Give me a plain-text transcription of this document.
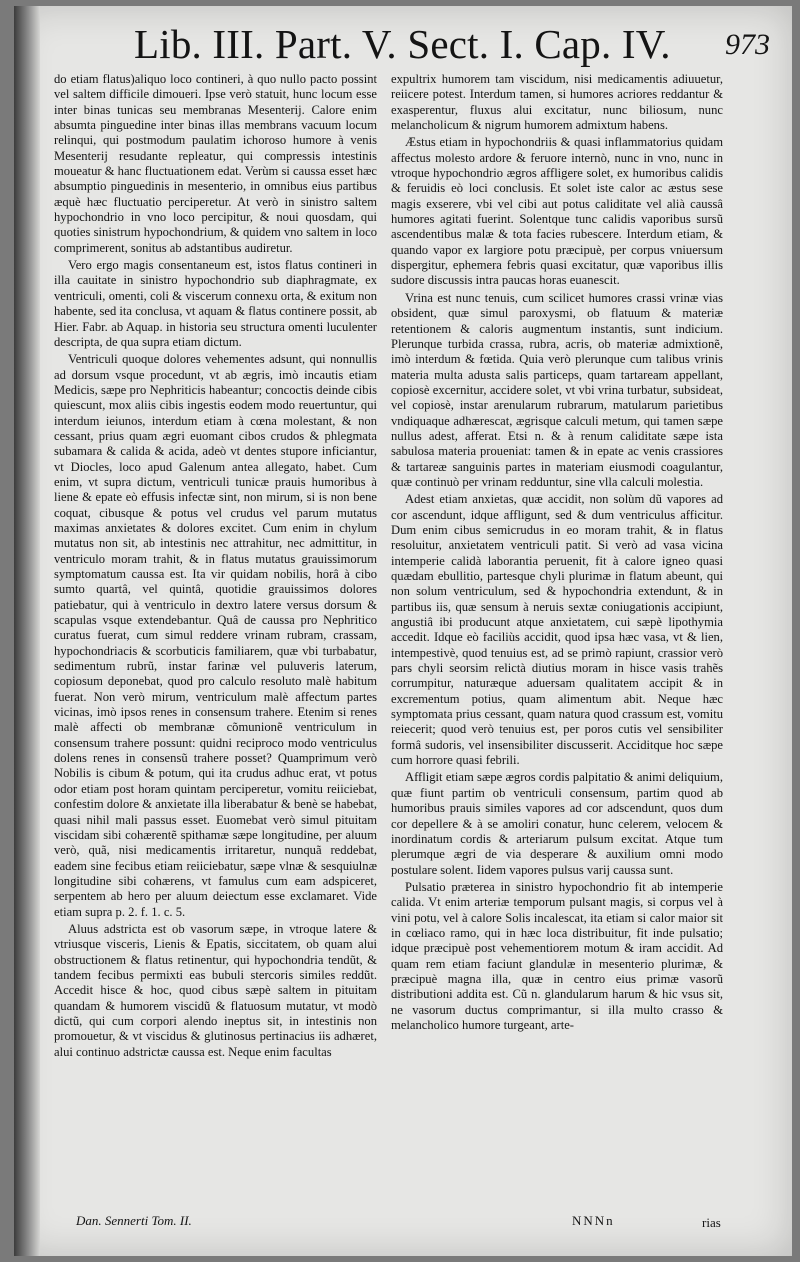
Lib. III. Part. V. Sect. I. Cap. IV. 973

do etiam flatus)aliquo loco contineri, à quo nullo pacto possint vel saltem difficile dimoueri. Ipse verò statuit, hunc locum esse inter binas tunicas seu membranas Mesenterij. Calore enim absumta pinguedine inter binas illas membrans vacuum locum relinqui, qui postmodum paulatim ichoroso humore à venis Mesenterij resudante repleatur, qui compressis intestinis moueatur & hanc fluctuationem edat. Verùm si caussa esset hæc absumptio pinguedinis in mesenterio, in omnibus eius partibus æquè hæc fluctuatio perciperetur. At verò in sinistro saltem hypochondrio in vno loco percipitur, & noui quosdam, qui quoties sinistrum hypochondrium, & quidem vno saltem in loco comprimerent, sonitus ab adstantibus audiretur.

Vero ergo magis consentaneum est, istos flatus contineri in illa cauitate in sinistro hypochondrio sub diaphragmate, ex ventriculi, omenti, coli & viscerum connexu orta, & exitum non habente, sed ita conclusa, vt aquam & flatus continere possit, ab Hier. Fabr. ab Aquap. in historia seu structura omenti luculenter descripta, de qua supra etiam dictum.

Ventriculi quoque dolores vehementes adsunt, qui nonnullis ad dorsum vsque procedunt, vt ab ægris, imò incautis etiam Medicis, sæpe pro Nephriticis habeantur; concoctis deinde cibis quiescunt, mox aliis cibis ingestis eodem modo reuertuntur, qui interdum ieiunos, interdum etiam à cœna molestant, & non cessant, prius quam ægri euomant cibos crudos & phlegmata subamara & calida & acida, adeò vt dentes stupore inficiantur, vt Diocles, loco apud Galenum antea allegato, habet. Cum enim, vt supra dictum, ventriculi tunicæ prauis humoribus à liene & epate eò effusis infectæ sint, non mirum, si is non bene coquat, cibusque & potus vel crudus vel parum mutatus maximas anxietates & dolores excitet. Cum enim in chylum mutatus non sit, ab intestinis nec attrahitur, nec admittitur, in ventriculo moram trahit, & in flatus mutatus grauissimorum symptomatum caussa est. Ita vir quidam nobilis, horâ à cibo sumto quartâ, vel quintâ, quotidie grauissimos dolores patiebatur, qui à ventriculo in dextro latere versus dorsum & scapulas vsque extendebantur. Quâ de caussa pro Nephritico curatus fuerat, cum simul reddere vrinam rubram, crassam, hypochondriacis & scorbuticis familiarem, quæ vbi turbabatur, sedimentum rubrũ, instar farinæ vel puluveris laterum, copiosum deponebat, quod pro calculo resoluto malè habitum fuerat. Non verò mirum, ventriculum malè affectum partes vicinas, imò ipsos renes in consensum trahere. Etenim si renes malè affecti ob membranæ cõmunionẽ ventriculum in consensum trahere possunt: quidni reciproco modo ventriculus dolens renes in consensũ trahere posset? Quamprimum verò Nobilis is cibum & potum, qui ita crudus adhuc erat, vt potus odor etiam post horam quintam perciperetur, vomitu reiiciebat, confestim dolore & anxietate illa liberabatur & benè se habebat, quasi nihil mali passus esset. Euomebat verò simul pituitam viscidam sibi cohærentẽ spithamæ sæpe longitudine, per aluum verò, quã, nisi medicamentis irritaretur, nunquã reddebat, eadem sine fecibus etiam reiiciebatur, sæpe vlnæ & sesquiulnæ longitudine sibi cohærens, vt famulus cum eam adspiceret, serpentem ab hero per aluum deiectum esse exclamaret. Vide etiam supra p. 2. f. 1. c. 5.

Aluus adstricta est ob vasorum sæpe, in vtroque latere & vtriusque visceris, Lienis & Epatis, siccitatem, ob quam alui obstructionem & flatus retinentur, qui hypochondria tendũt, & tandem fecibus permixti eas bubuli stercoris similes reddũt. Accedit hisce & hoc, quod cibus sæpè saltem in pituitam quandam & humorem viscidũ & flatuosum mutatur, vt modò dictũ, qui cum corpori alendo ineptus sit, in intestinis non promouetur, & vt viscidus & glutinosus pertinacius iis adhæret, alui continuo adstrictæ caussa est. Neque enim facultas

expultrix humorem tam viscidum, nisi medicamentis adiuuetur, reiicere potest. Interdum tamen, si humores acriores reddantur & exasperentur, fluxus alui excitatur, nunc biliosum, nunc melancholicum & nigrum humorem admixtum habens.

Æstus etiam in hypochondriis & quasi inflammatorius quidam affectus molesto ardore & feruore internò, nunc in vno, nunc in vtroque hypochondrio ægros affligere solet, ex humoribus calidis & feruidis eò loci conclusis. Et solet iste calor ac æstus sese magis exserere, vbi vel cibi aut potus caliditate vel alià caussâ humores agitati fuerint. Solentque tunc calidis vaporibus sursũ ascendentibus malæ & tota facies rubescere. Interdum etiam, & quando vapor ex largiore potu præcipuè, per corpus vniuersum dispergitur, ephemera febris quasi excitatur, quæ vaporibus illis sudore discussis intra paucas horas euanescit.

Vrina est nunc tenuis, cum scilicet humores crassi vrinæ vias obsident, quæ simul paroxysmi, ob flatuum & materiæ retentionem & caloris augmentum instantis, sunt indicium. Plerunque turbida crassa, rubra, acris, ob materiæ admixtionẽ, imò interdum & fœtida. Quia verò plerunque cum talibus vrinis materia multa adusta salis particeps, quam tartaream appellant, copiosè excernitur, accidere solet, vt vbi vrina turbatur, subsideat, vel copiosè, instar arenularum rubrarum, matularum parietibus vndiquaque adhærescat, ægrisque calculi metum, qui tamen sæpe nullus adest, afferat. Etsi n. & à renum caliditate sæpe ista sabulosa materia proueniat: tamen & in epate ac venis crassiores & tartareæ sanguinis partes in materiam eiusmodi coagulantur, quæ continuò per vrinam redduntur, sine vlla calculi molestia.

Adest etiam anxietas, quæ accidit, non solùm dũ vapores ad cor ascendunt, idque affligunt, sed & dum ventriculus afficitur. Dum enim cibus semicrudus in eo moram trahit, & in flatus resoluitur, anxietatem ventriculi patit. Si verò ad vasa vicina intemperie calidà laborantia peruenit, fit à calore igneo quasi quædam ebullitio, partesque chyli plurimæ in flatum abeunt, qui non solum ventriculum, sed & hypochondria extendunt, & in partibus iis, quæ sensum à neruis sextæ coniugationis accipiunt, angustiâ ibi producunt atque anxietatem, cui sæpè lipothymia accedit. Idque eò faciliùs accidit, quod ipsa hæc vasa, vt & lien, intempestivè, quod tenuius est, ad se primò rapiunt, crassior verò pars chyli seorsim relictà diutius moram in hisce vasis trahẽs corrumpitur, naturæque aduersam qualitatem accipit & in excrementum potius, quam alimentum abit. Neque hæc symptomata prius cessant, quam natura quod crassum est, vomitu reiecerit; quod verò tenuius est, per poros cutis vel sensibiliter formâ sudoris, vel insensibiliter discusserit. Acciditque hoc sæpe cum horrore quasi febrili.

Affligit etiam sæpe ægros cordis palpitatio & animi deliquium, quæ fiunt partim ob ventriculi consensum, partim quod ab humoribus prauis similes vapores ad cor adscendunt, quos dum cor depellere & à se amoliri conatur, hunc celerem, velocem & inordinatum cordis & arteriarum pulsum excitat. Atque tum plerumque ægri de via desperare & auxilium omni modo postulare solent. Iidem vapores pulsus varij caussa sunt.

Pulsatio præterea in sinistro hypochondrio fit ab intemperie calida. Vt enim arteriæ temporum pulsant magis, si corpus vel à vini potu, vel à calore Solis incalescat, ita etiam si calor maior sit in cœliaco ramo, qui in hæc loca distribuitur, fit inde pulsatio; idque præcipuè post vehementiorem motum & iram accidit. Ad quam rem etiam faciunt glandulæ in mesenterio plurimæ, & præcipuè magna illa, quæ in centro eius primæ vasorũ distributioni addita est. Cũ n. glandularum harum & hic vsus sit, ne vasorum ductus comprimantur, si illa multo crasso & melancholico humore turgeant, arte-

Dan. Sennerti Tom. II.	NNNn	rias
